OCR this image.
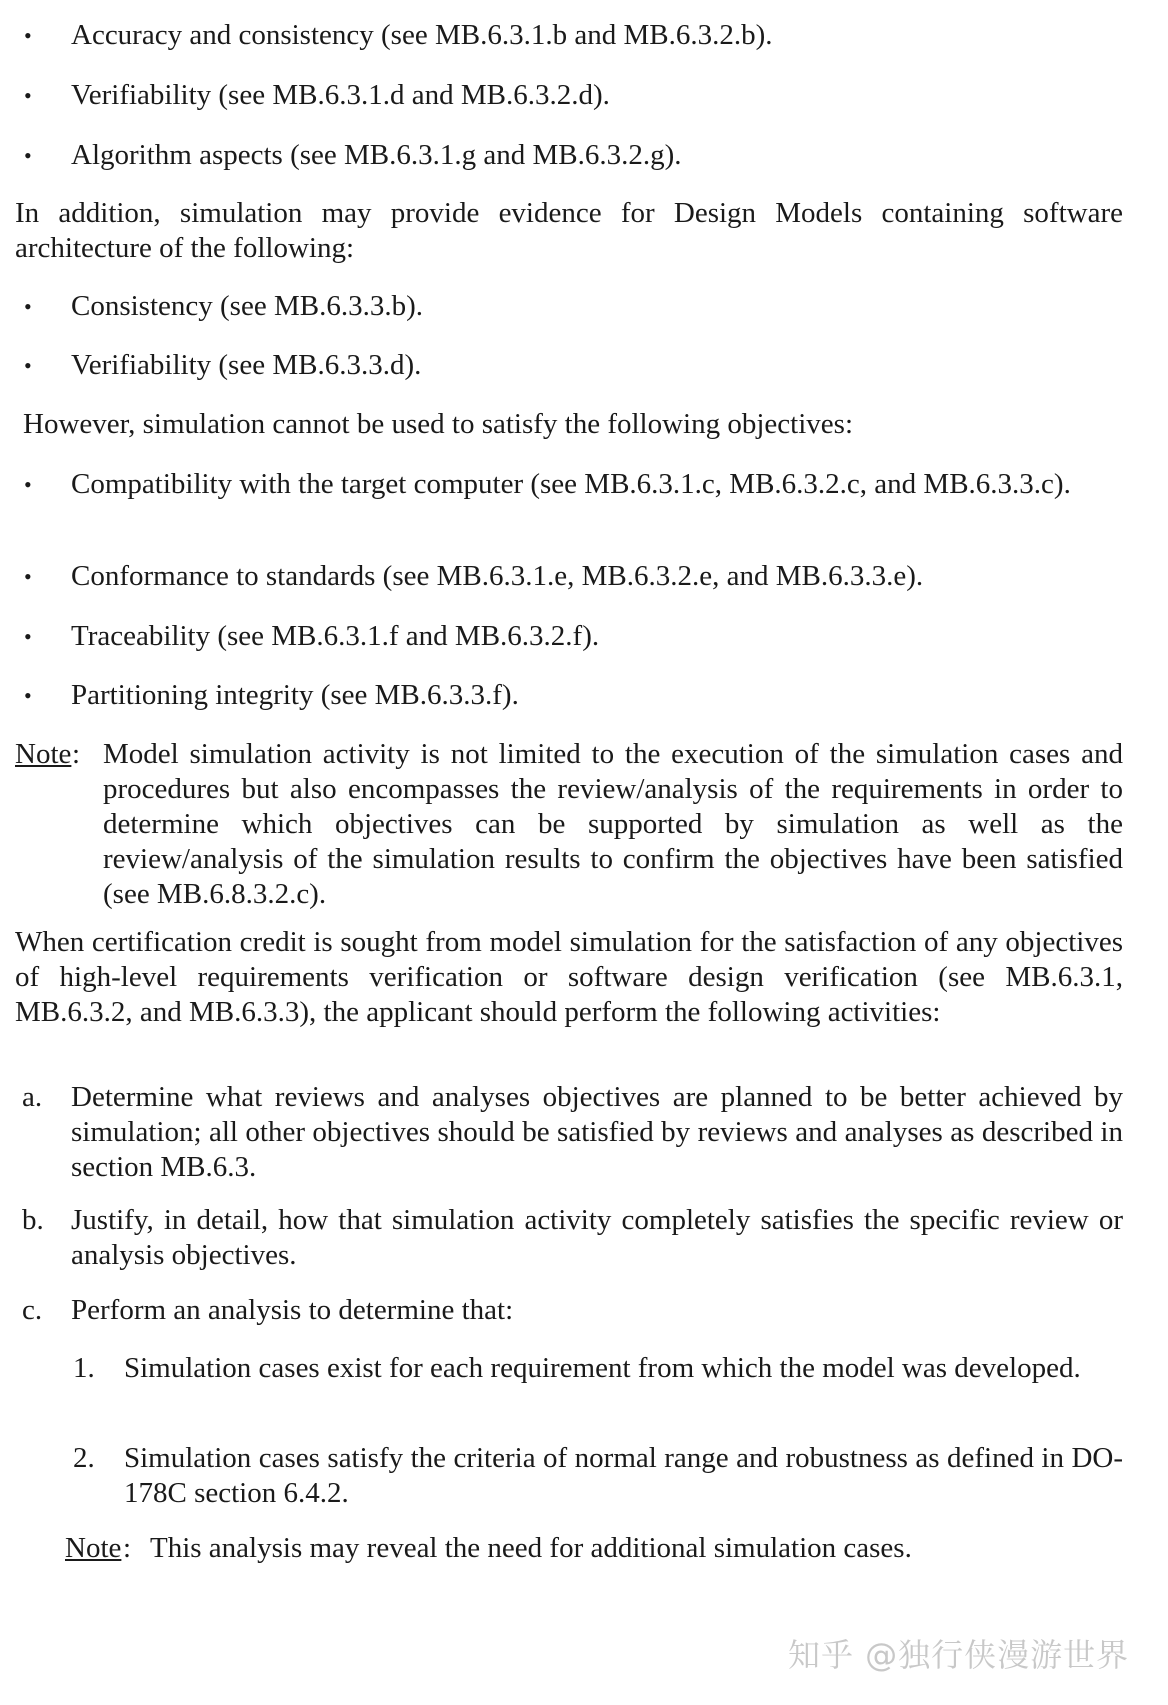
• Accuracy and consistency (see MB.6.3.1.b and MB.6.3.2.b).
• Verifiability (see MB.6.3.1.d and MB.6.3.2.d).
• Algorithm aspects (see MB.6.3.1.g and MB.6.3.2.g).
In addition, simulation may provide evidence for Design Models containing software architecture of the following:
• Consistency (see MB.6.3.3.b).
• Verifiability (see MB.6.3.3.d).
However, simulation cannot be used to satisfy the following objectives:
• Compatibility with the target computer (see MB.6.3.1.c, MB.6.3.2.c, and MB.6.3.3.c).
• Conformance to standards (see MB.6.3.1.e, MB.6.3.2.e, and MB.6.3.3.e).
• Traceability (see MB.6.3.1.f and MB.6.3.2.f).
• Partitioning integrity (see MB.6.3.3.f).
Note : Model simulation activity is not limited to the execution of the simulation cases and procedures but also encompasses the review/analysis of the requirements in order to determine which objectives can be supported by simulation as well as the review/analysis of the simulation results to confirm the objectives have been satisfied (see MB.6.8.3.2.c).
When certification credit is sought from model simulation for the satisfaction of any objectives of high-level requirements verification or software design verification (see MB.6.3.1, MB.6.3.2, and MB.6.3.3), the applicant should perform the following activities:
a. Determine what reviews and analyses objectives are planned to be better achieved by simulation; all other objectives should be satisfied by reviews and analyses as described in section MB.6.3.
b. Justify, in detail, how that simulation activity completely satisfies the specific review or analysis objectives.
c. Perform an analysis to determine that:
1. Simulation cases exist for each requirement from which the model was developed.
2. Simulation cases satisfy the criteria of normal range and robustness as defined in DO-178C section 6.4.2.
Note : This analysis may reveal the need for additional simulation cases.
知乎 @独行侠漫游世界
